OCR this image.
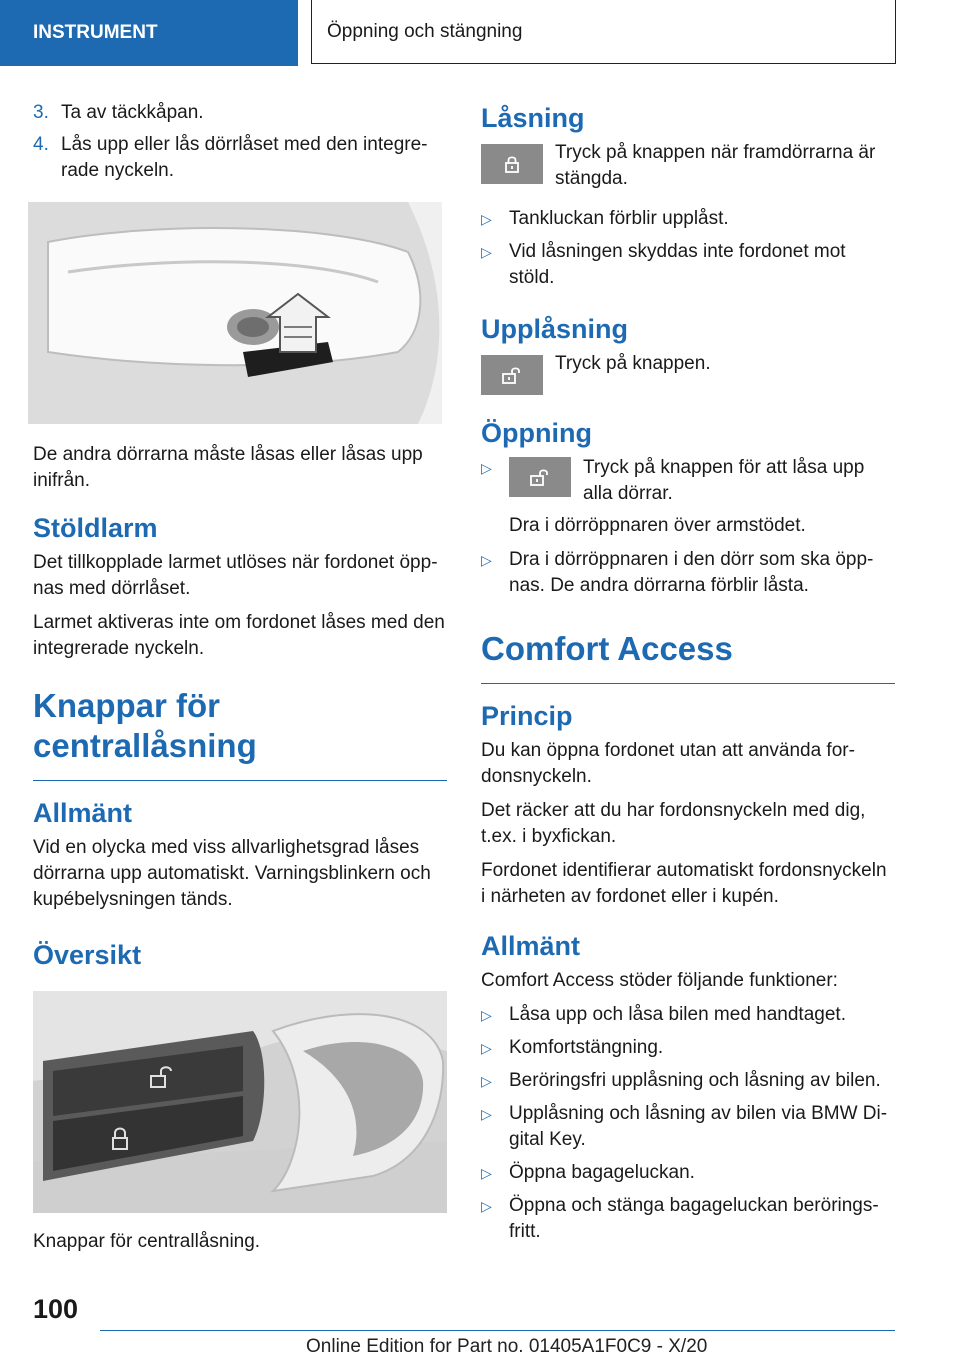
INSTRUMENT	Öppning och stängning
3. Ta av täckkåpan.
4. Lås upp eller lås dörrlåset med den integrerade nyckeln.

De andra dörrarna måste låsas eller låsas upp inifrån.

Stöldlarm

Det tillkopplade larmet utlöses när fordonet öppnas med dörrlåset.

Larmet aktiveras inte om fordonet låses med den integrerade nyckeln.

Knappar för centrallåsning
Allmänt

Vid en olycka med viss allvarlighetsgrad låses dörrarna upp automatiskt. Varningsblinkern och kupébelysningen tänds.

Översikt

Knappar för centrallåsning.

Låsning
Tryck på knappen när framdörrarna är stängda.
▷ Tankluckan förblir upplåst.
▷ Vid låsningen skyddas inte fordonet mot stöld.
Upplåsning
Tryck på knappen.
Öppning
▷	Tryck på knappen för att låsa upp alla dörrar.
Dra i dörröppnaren över armstödet.
▷ Dra i dörröppnaren i den dörr som ska öppnas. De andra dörrarna förblir låsta.
Comfort Access
Princip

Du kan öppna fordonet utan att använda fordonsnyckeln.

Det räcker att du har fordonsnyckeln med dig, t.ex. i byxfickan.

Fordonet identifierar automatiskt fordonsnyckeln i närheten av fordonet eller i kupén.

Allmänt

Comfort Access stöder följande funktioner:

▷ Låsa upp och låsa bilen med handtaget.
▷ Komfortstängning.
▷ Beröringsfri upplåsning och låsning av bilen.
▷ Upplåsning och låsning av bilen via BMW Digital Key.
▷ Öppna bagageluckan.
▷ Öppna och stänga bagageluckan beröringsfritt.
100
Online Edition for Part no. 01405A1F0C9 - X/20
